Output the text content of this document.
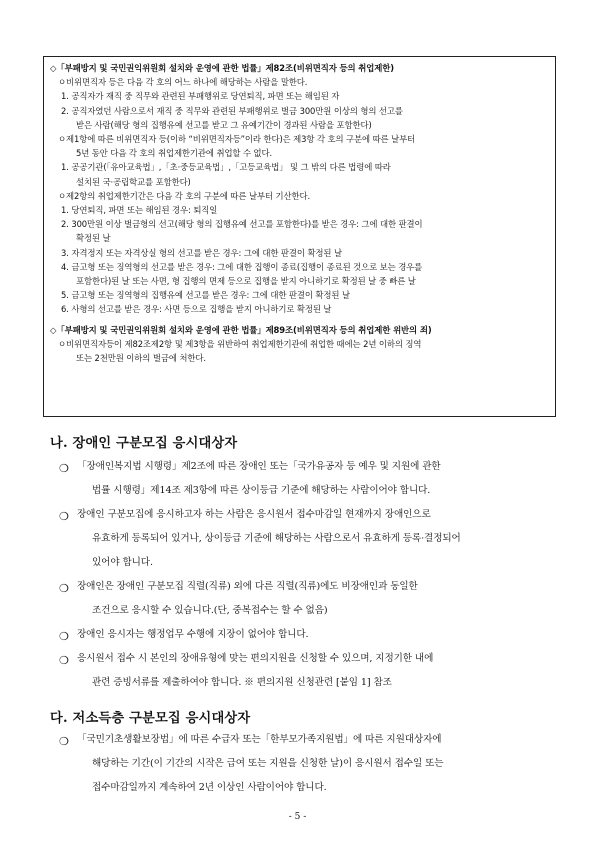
◇「부패방지 및 국민권익위원회 설치와 운영에 관한 법률」제82조(비위면직자 등의 취업제한)
ㅇ비위면직자 등은 다음 각 호의 어느 하나에 해당하는 사람을 말한다.
1. 공직자가 재직 중 직무와 관련된 부패행위로 당연퇴직, 파면 또는 해임된 자
2. 공직자였던 사람으로서 재직 중 직무와 관련된 부패행위로 벌금 300만원 이상의 형의 선고를
받은 사람(해당 형의 집행유예 선고를 받고 그 유예기간이 경과된 사람을 포함한다)
ㅇ제1항에 따른 비위면직자 등(이하 “비위면직자등”이라 한다)은 제3항 각 호의 구분에 따른 날부터
5년 동안 다음 각 호의 취업제한기관에 취업할 수 없다.
1. 공공기관(「유아교육법」,「초·중등교육법」,「고등교육법」 및 그 밖의 다른 법령에 따라
설치된 국·공립학교를 포함한다)
ㅇ제2항의 취업제한기간은 다음 각 호의 구분에 따른 날부터 기산한다.
1. 당연퇴직, 파면 또는 해임된 경우: 퇴직일
2. 300만원 이상 벌금형의 선고(해당 형의 집행유예 선고를 포함한다)를 받은 경우: 그에 대한 판결이
확정된 날
3. 자격정지 또는 자격상실 형의 선고를 받은 경우: 그에 대한 판결이 확정된 날
4. 금고형 또는 징역형의 선고를 받은 경우: 그에 대한 집행이 종료(집행이 종료된 것으로 보는 경우를
포함한다)된 날 또는 사면, 형 집행의 면제 등으로 집행을 받지 아니하기로 확정된 날 중 빠른 날
5. 금고형 또는 징역형의 집행유예 선고를 받은 경우: 그에 대한 판결이 확정된 날
6. 사형의 선고를 받은 경우: 사면 등으로 집행을 받지 아니하기로 확정된 날
◇「부패방지 및 국민권익위원회 설치와 운영에 관한 법률」제89조(비위면직자 등의 취업제한 위반의 죄)
ㅇ비위면직자등이 제82조제2항 및 제3항을 위반하여 취업제한기관에 취업한 때에는 2년 이하의 징역
또는 2천만원 이하의 벌금에 처한다.
나. 장애인 구분모집 응시대상자
❍ 「장애인복지법 시행령」제2조에 따른 장애인 또는「국가유공자 등 예우 및 지원에 관한
법률 시행령」제14조 제3항에 따른 상이등급 기준에 해당하는 사람이어야 합니다.
❍ 장애인 구분모집에 응시하고자 하는 사람은 응시원서 접수마감일 현재까지 장애인으로
유효하게 등록되어 있거나, 상이등급 기준에 해당하는 사람으로서 유효하게 등록·결정되어
있어야 합니다.
❍ 장애인은 장애인 구분모집 직렬(직류) 외에 다른 직렬(직류)에도 비장애인과 동일한
조건으로 응시할 수 있습니다.(단, 중복접수는 할 수 없음)
❍ 장애인 응시자는 행정업무 수행에 지장이 없어야 합니다.
❍ 응시원서 접수 시 본인의 장애유형에 맞는 편의지원을 신청할 수 있으며, 지정기한 내에
관련 증빙서류를 제출하여야 합니다. ※ 편의지원 신청관련 [붙임 1] 참조
다. 저소득층 구분모집 응시대상자
❍ 「국민기초생활보장법」에 따른 수급자 또는「한부모가족지원법」에 따른 지원대상자에
해당하는 기간(이 기간의 시작은 급여 또는 지원을 신청한 날)이 응시원서 접수일 또는
접수마감일까지 계속하여 2년 이상인 사람이어야 합니다.
- 5 -
